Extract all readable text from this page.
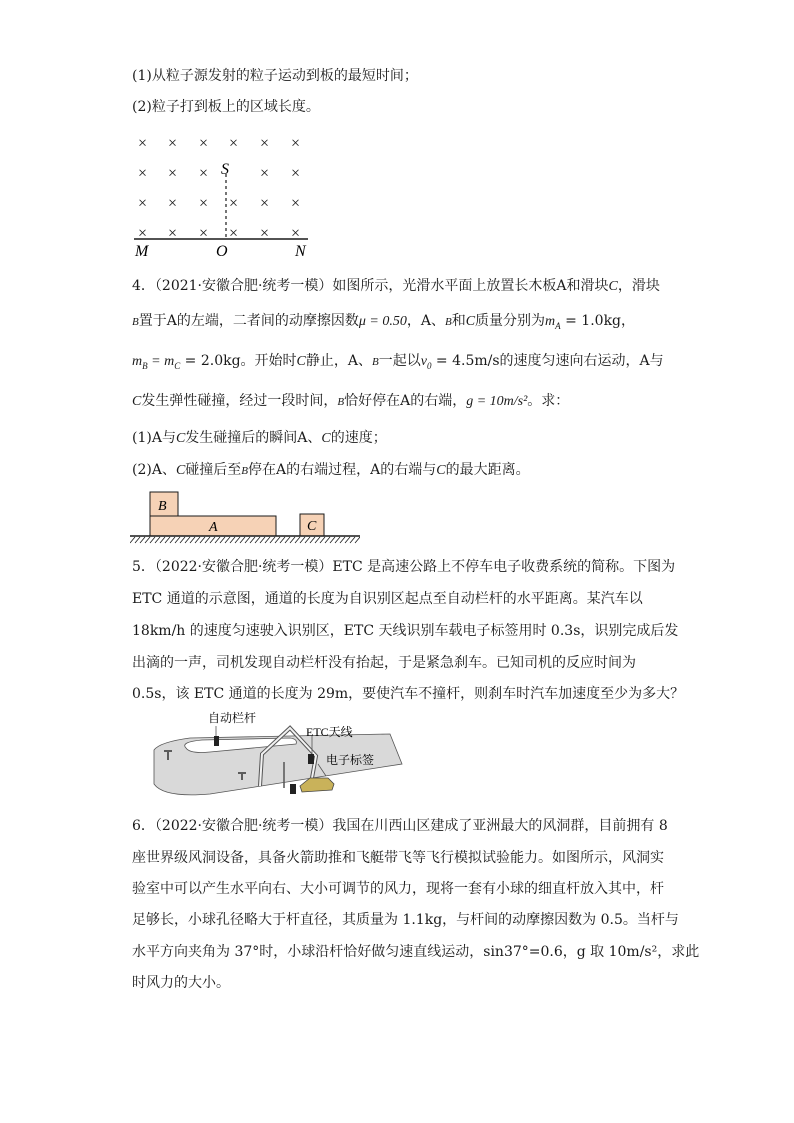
(1)从粒子源发射的粒子运动到板的最短时间；
(2)粒子打到板上的区域长度。
× × × × × ×
× × ×	× ×
× × × × × ×
× × × × × ×
S
M	O	N
4．（2021·安徽合肥·统考一模）如图所示，光滑水平面上放置长木板A和滑块C，滑块
B置于A的左端，二者间的动摩擦因数μ = 0.50，A、B和C质量分别为$m_A = 1.0kg$，
$m_B = m_C = 2.0kg$。开始时C静止，A、B一起以$v_0 = 4.5m/s$的速度匀速向右运动，A与
C发生弹性碰撞，经过一段时间，B恰好停在A的右端，g = 10m/s²。求：
(1)A与C发生碰撞后的瞬间A、C的速度；
(2)A、C碰撞后至B停在A的右端过程，A的右端与C的最大距离。
B
A	C
5．（2022·安徽合肥·统考一模）ETC 是高速公路上不停车电子收费系统的简称。下图为
ETC 通道的示意图，通道的长度为自识别区起点至自动栏杆的水平距离。某汽车以
18km/h 的速度匀速驶入识别区，ETC 天线识别车载电子标签用时 0.3s，识别完成后发
出滴的一声，司机发现自动栏杆没有抬起，于是紧急刹车。已知司机的反应时间为
0.5s，该 ETC 通道的长度为 29m，要使汽车不撞杆，则刹车时汽车加速度至少为多大？
自动栏杆
ETC天线
电子标签
6．（2022·安徽合肥·统考一模）我国在川西山区建成了亚洲最大的风洞群，目前拥有 8
座世界级风洞设备，具备火箭助推和飞艇带飞等飞行模拟试验能力。如图所示，风洞实
验室中可以产生水平向右、大小可调节的风力，现将一套有小球的细直杆放入其中，杆
足够长，小球孔径略大于杆直径，其质量为 1.1kg，与杆间的动摩擦因数为 0.5。当杆与
水平方向夹角为 37°时，小球沿杆恰好做匀速直线运动，sin37°=0.6，g 取 10m/s²，求此
时风力的大小。
